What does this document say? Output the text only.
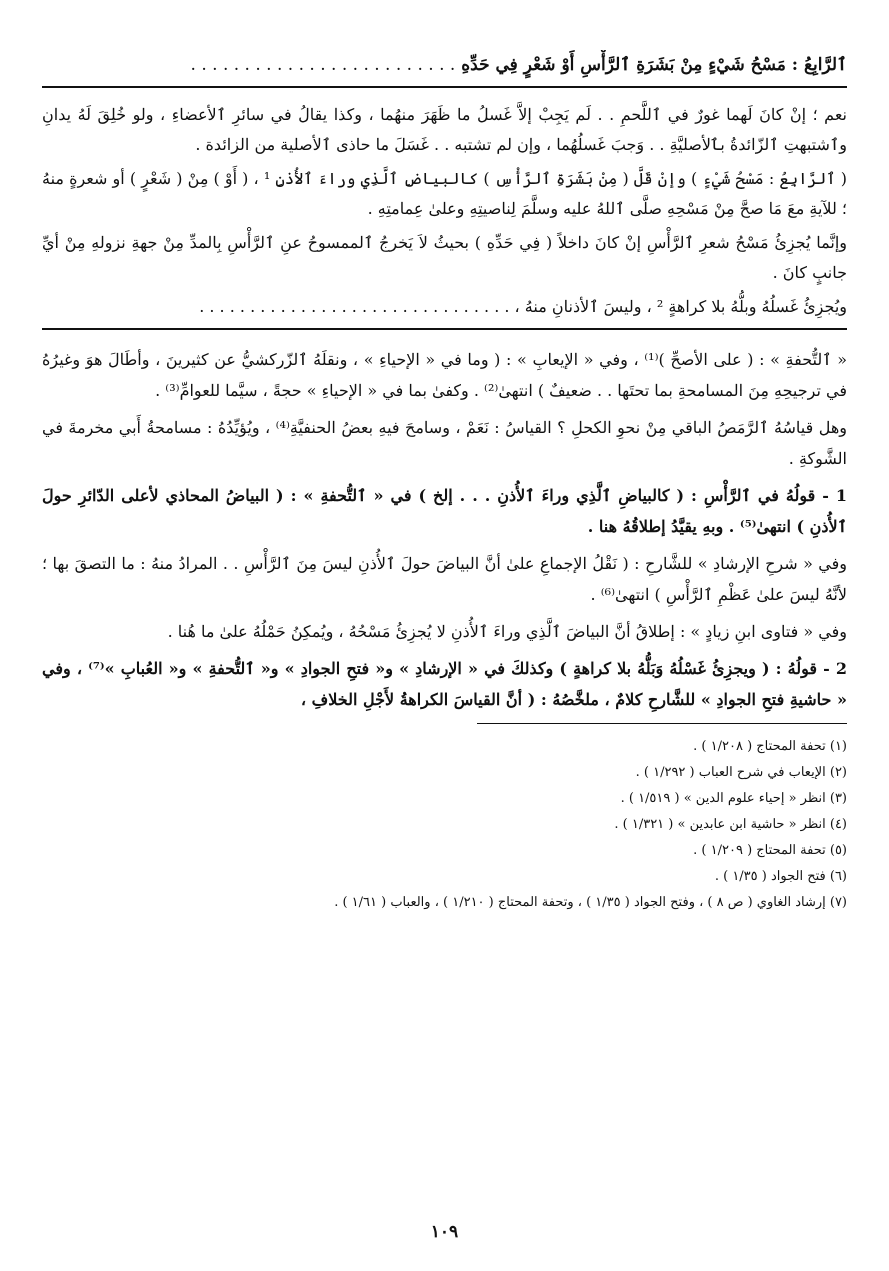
ٱلرَّابِعُ : مَسْحُ شَيْءٍ مِنْ بَشَرَةِ ٱلرَّأْسِ أَوْ شَعْرٍ فِي حَدِّهِ . . . . . . . . . . . . . . . . . . . . . . . . .

نعم ؛ إنْ كانَ لَهما غورٌ في ٱللَّحمِ . . لَم يَجِبْ إلاَّ غَسلُ ما ظَهَرَ منهُما ، وكذا يقالُ في سائرِ ٱلأعضاءِ ، ولو خُلِقَ لَهُ يدانِ وٱشتبهتِ ٱلزّائدةُ بٱلأصليَّةِ . . وَجبَ غَسلُهُما ، وإن لم تشتبه . . غَسَلَ ما حاذى ٱلأصلية من الزائدة .

( ٱلرَّابِعُ : مَسْحُ شَيْءٍ ) وإنْ قَلَّ ( مِنْ بَشَرَةِ ٱلرَّأْسِ ) كالبياضِ ٱلَّذِي وراءَ ٱلأُذنِ ¹ ، ( أَوْ ) مِنْ ( شَعْرٍ ) أو شعرةٍ منهُ ؛ للآيةِ معَ مَا صحَّ مِنْ مَسْحِهِ صلَّى ٱللهُ عليه وسلَّمَ لِناصيتِهِ وعلىٰ عِمامتِهِ .

وإنَّما يُجزِئُ مَسْحُ شعرِ ٱلرَّأْسِ إنْ كانَ داخلاً ( فِي حَدِّهِ ) بحيثُ لاَ يَخرجُ ٱلممسوحُ عنِ ٱلرَّأْسِ بِالمدِّ مِنْ جهةِ نزولهِ مِنْ أيِّ جانبٍ كانَ .

ويُجزِئُ غَسلُهُ وبلُّهُ بلا كراهةٍ ² ، وليسَ ٱلأذنانِ منهُ ، . . . . . . . . . . . . . . . . . . . . . . . . . . . . . . .

« ٱلتُّحفةِ » : ( على الأصحِّ )⁽¹⁾ ، وفي « الإيعابِ » : ( وما في « الإحياءِ » ، ونقلَهُ ٱلزّركشيُّ عن كثيرينَ ، وأطَالَ هوَ وغيرُهُ في ترجيحِهِ مِنَ المسامحةِ بما تحتَها . . ضعيفٌ ) انتهىٰ⁽²⁾ . وكفىٰ بما في « الإحياءِ » حجةً ، سيَّما للعوامِّ⁽³⁾ .

وهل قياسُهُ ٱلرَّمَصُ الباقي مِنْ نحوِ الكحلِ ؟ القياسُ : نَعَمْ ، وسامحَ فيهِ بعضُ الحنفيَّةِ⁽⁴⁾ ، ويُؤيِّدُهُ : مسامحةُ أَبي مخرمةَ في الشَّوكةِ .

1 - قولُهُ في ٱلرَّأْسِ : ( كالبياضِ ٱلَّذِي وراءَ ٱلأُذنِ . . . إلخ ) في « ٱلتُّحفةِ » : ( البياضُ المحاذي لأعلى الدّائرِ حولَ ٱلأُذنِ ) انتهىٰ⁽⁵⁾ . وبهِ يقيَّدُ إطلاقُهُ هنا .

وفي « شرحِ الإرشادِ » للشَّارحِ : ( نَقْلُ الإجماعِ علىٰ أنَّ البياضَ حولَ ٱلأُذنِ ليسَ مِنَ ٱلرَّأْسِ . . المرادُ منهُ : ما التصقَ بها ؛ لأنَّهُ ليسَ علىٰ عَظْمِ ٱلرَّأْسِ ) انتهىٰ⁽⁶⁾ .

وفي « فتاوى ابنِ زيادٍ » : إطلاقُ أنَّ البياضَ ٱلَّذِي وراءَ ٱلأُذنِ لا يُجزِئُ مَسْحُهُ ، ويُمكِنُ حَمْلُهُ علىٰ ما هُنا .

2 - قولُهُ : ( ويجزِئُ غَسْلُهُ وَبَلُّهُ بلا كراهةٍ ) وكذلكَ في « الإرشادِ » و« فتحِ الجوادِ » و« ٱلتُّحفةِ » و« العُبابِ »⁽⁷⁾ ، وفي « حاشيةِ فتحِ الجوادِ » للشَّارحِ كلامٌ ، ملخَّصُهُ : ( أنَّ القياسَ الكراهةُ لأَجْلِ الخلافِ ،

(١) تحفة المحتاج ( ١/٢٠٨ ) .
(٢) الإيعاب في شرح العباب ( ١/٢٩٢ ) .
(٣) انظر « إحياء علوم الدين » ( ١/٥١٩ ) .
(٤) انظر « حاشية ابن عابدين » ( ١/٣٢١ ) .
(٥) تحفة المحتاج ( ١/٢٠٩ ) .
(٦) فتح الجواد ( ١/٣٥ ) .
(٧) إرشاد الغاوي ( ص ٨ ) ، وفتح الجواد ( ١/٣٥ ) ، وتحفة المحتاج ( ١/٢١٠ ) ، والعباب ( ١/٦١ ) .
١٠٩
